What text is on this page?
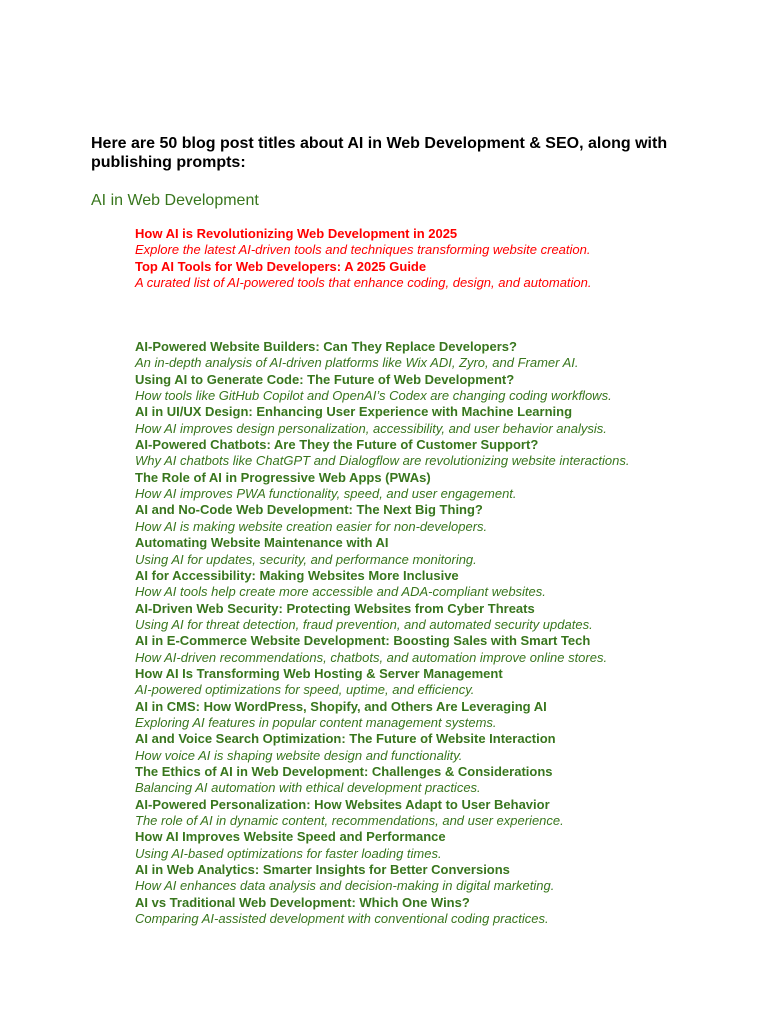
Here are 50 blog post titles about AI in Web Development & SEO, along with publishing prompts:

AI in Web Development
How AI is Revolutionizing Web Development in 2025
Explore the latest AI-driven tools and techniques transforming website creation.
Top AI Tools for Web Developers: A 2025 Guide
A curated list of AI-powered tools that enhance coding, design, and automation.
AI-Powered Website Builders: Can They Replace Developers?
An in-depth analysis of AI-driven platforms like Wix ADI, Zyro, and Framer AI.
Using AI to Generate Code: The Future of Web Development?
How tools like GitHub Copilot and OpenAI’s Codex are changing coding workflows.
AI in UI/UX Design: Enhancing User Experience with Machine Learning
How AI improves design personalization, accessibility, and user behavior analysis.
AI-Powered Chatbots: Are They the Future of Customer Support?
Why AI chatbots like ChatGPT and Dialogflow are revolutionizing website interactions.
The Role of AI in Progressive Web Apps (PWAs)
How AI improves PWA functionality, speed, and user engagement.
AI and No-Code Web Development: The Next Big Thing?
How AI is making website creation easier for non-developers.
Automating Website Maintenance with AI
Using AI for updates, security, and performance monitoring.
AI for Accessibility: Making Websites More Inclusive
How AI tools help create more accessible and ADA-compliant websites.
AI-Driven Web Security: Protecting Websites from Cyber Threats
Using AI for threat detection, fraud prevention, and automated security updates.
AI in E-Commerce Website Development: Boosting Sales with Smart Tech
How AI-driven recommendations, chatbots, and automation improve online stores.
How AI Is Transforming Web Hosting & Server Management
AI-powered optimizations for speed, uptime, and efficiency.
AI in CMS: How WordPress, Shopify, and Others Are Leveraging AI
Exploring AI features in popular content management systems.
AI and Voice Search Optimization: The Future of Website Interaction
How voice AI is shaping website design and functionality.
The Ethics of AI in Web Development: Challenges & Considerations
Balancing AI automation with ethical development practices.
AI-Powered Personalization: How Websites Adapt to User Behavior
The role of AI in dynamic content, recommendations, and user experience.
How AI Improves Website Speed and Performance
Using AI-based optimizations for faster loading times.
AI in Web Analytics: Smarter Insights for Better Conversions
How AI enhances data analysis and decision-making in digital marketing.
AI vs Traditional Web Development: Which One Wins?
Comparing AI-assisted development with conventional coding practices.
